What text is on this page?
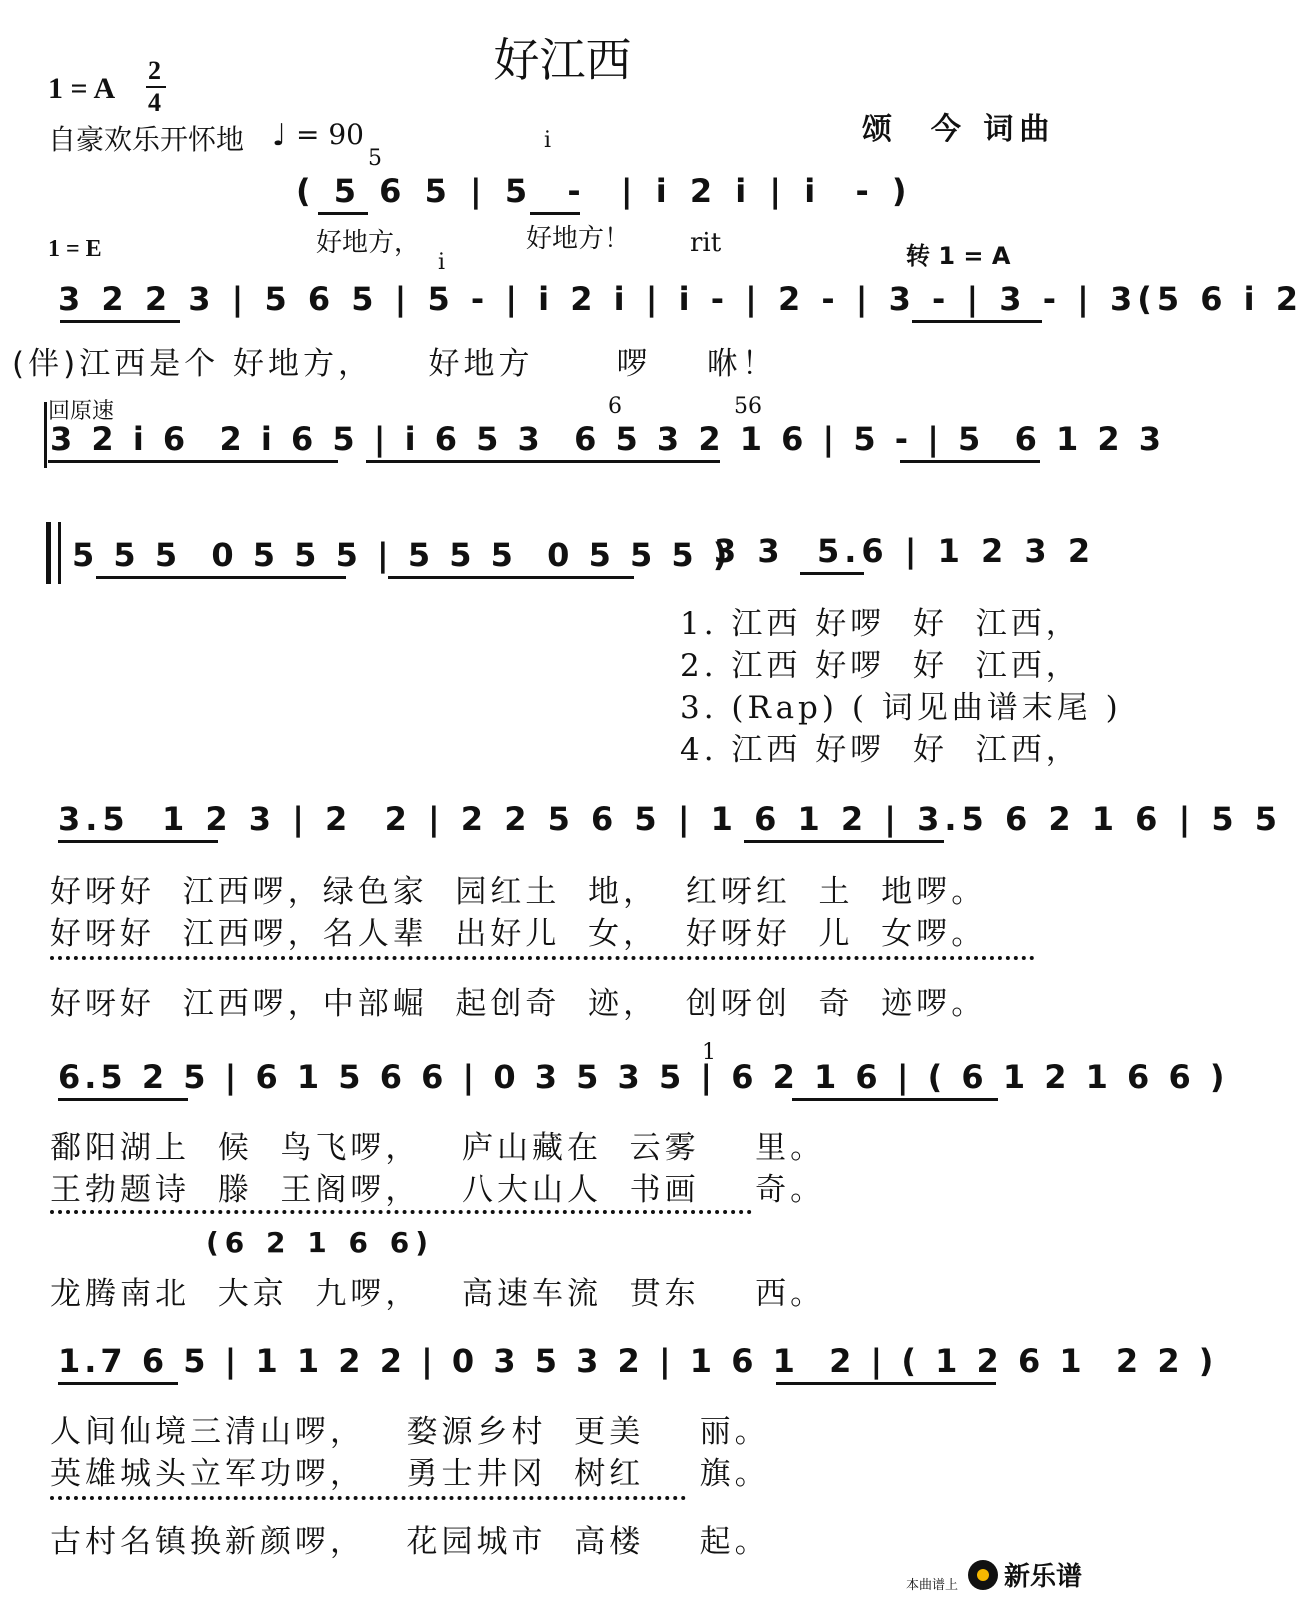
好江西
1 = A
2
4
自豪欢乐开怀地 ♩ = 90	颂  今 词曲
5
i
( 5 6 5 | 5  -  | i 2 i | i  - )
好地方，	好地方！
1 = E	rit	转 1 = A
i
3 2 2 3 | 5 6 5 | 5 - | i 2 i | i - | 2 - | 3 - | 3 - | 3(5 6 i 2
(伴)江西是个 好地方，    好地方      啰    咻！
回原速	6	56
3 2 i 6  2 i 6 5 | i 6 5 3  6 5 3 2 1 6 | 5 - | 5  6 1 2 3
5 5 5  0 5 5 5 | 5 5 5  0 5 5 5 )
3 3  5.6 | 1 2 3 2
1. 江西 好啰  好  江西，
2. 江西 好啰  好  江西，
3. (Rap) ( 词见曲谱末尾 )
4. 江西 好啰  好  江西，
3.5  1 2 3 | 2  2 | 2 2 5 6 5 | 1 6 1 2 | 3.5 6 2 1 6 | 5 5
好呀好  江西啰，绿色家  园红土  地，  红呀红  土  地啰。
好呀好  江西啰，名人辈  出好儿  女，  好呀好  儿  女啰。
好呀好  江西啰，中部崛  起创奇  迹，  创呀创  奇  迹啰。
1
6.5 2 5 | 6 1 5 6 6 | 0 3 5 3 5 | 6 2 1 6 | ( 6 1 2 1 6 6 )
鄱阳湖上  候  鸟飞啰，   庐山藏在  云雾    里。
王勃题诗  滕  王阁啰，   八大山人  书画    奇。
(6 2 1 6 6)
龙腾南北  大京  九啰，   高速车流  贯东    西。
1.7 6 5 | 1 1 2 2 | 0 3 5 3 2 | 1 6 1  2 | ( 1 2 6 1  2 2 )
人间仙境三清山啰，   婺源乡村  更美    丽。
英雄城头立军功啰，   勇士井冈  树红    旗。
古村名镇换新颜啰，   花园城市  高楼    起。
本曲谱上 新乐谱
